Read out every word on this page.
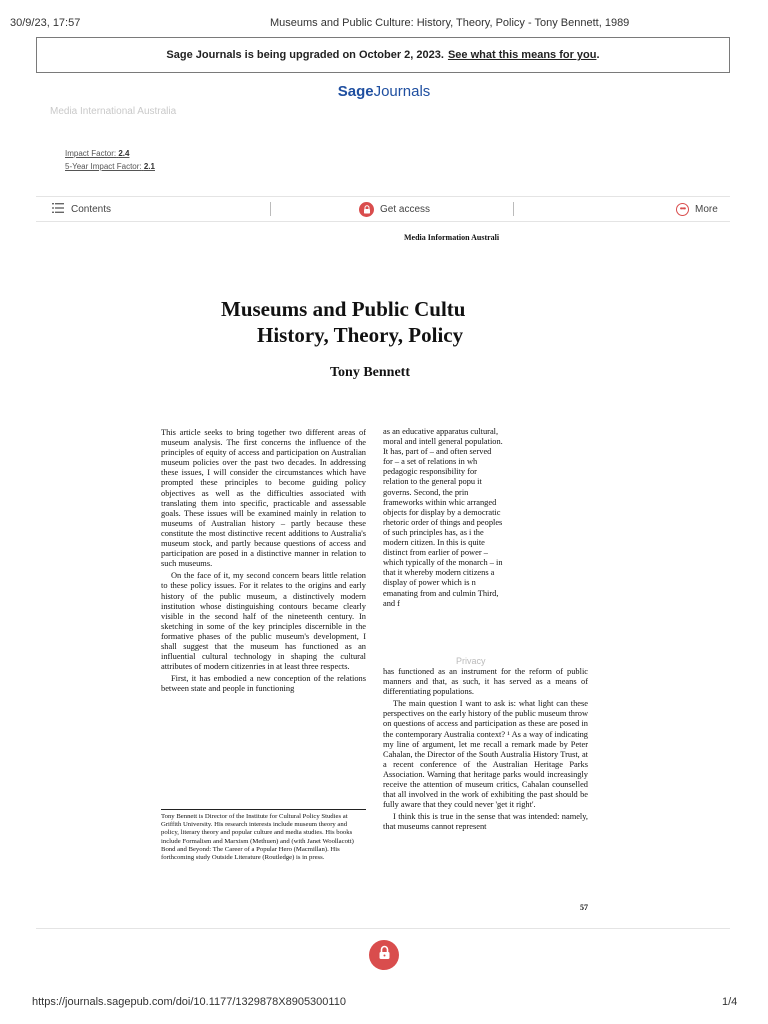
30/9/23, 17:57	Museums and Public Culture: History, Theory, Policy - Tony Bennett, 1989
Sage Journals is being upgraded on October 2, 2023. See what this means for you .
SageJournals
Media International Australia
Impact Factor: 2.4
5-Year Impact Factor: 2.1
Contents	Get access	••• More
Media Information Australi
Museums and Public Cultu
History, Theory, Policy
Tony Bennett

This article seeks to bring together two different areas of museum analysis. The first concerns the influence of the principles of equity of access and participation on Australian museum policies over the past two decades. In addressing these issues, I will consider the circumstances which have prompted these principles to become guiding policy objectives as well as the difficulties associated with translating them into specific, practicable and assessable goals. These issues will be examined mainly in relation to museums of Australian history – partly because these constitute the most distinctive recent additions to Australia's museum stock, and partly because questions of access and participation are posed in a distinctive manner in relation to such museums.

On the face of it, my second concern bears little relation to these policy issues. For it relates to the origins and early history of the public museum, a distinctively modern institution whose distinguishing contours became clearly visible in the second half of the nineteenth century. In sketching in some of the key principles discernible in the formative phases of the public museum's development, I shall suggest that the museum has functioned as an influential cultural technology in shaping the cultural attributes of modern citizenries in at least three respects.

First, it has embodied a new conception of the relations between state and people in functioning

Tony Bennett is Director of the Institute for Cultural Policy Studies at Griffith University. His research interests include museum theory and policy, literary theory and popular culture and media studies. His books include Formalism and Marxism (Methuen) and (with Janet Woollacott) Bond and Beyond: The Career of a Popular Hero (Macmillan). His forthcoming study Outside Literature (Routledge) is in press.

as an educative apparatus cultural, moral and intell general population. It has, part of – and often served for – a set of relations in wh pedagogic responsibility for relation to the general popu it governs. Second, the prin frameworks within whic arranged objects for display by a democratic rhetoric order of things and peoples of such principles has, as i the modern citizen. In this is quite distinct from earlier of power – which typically of the monarch – in that it whereby modern citizens a display of power which is n emanating from and culmin Third, and f

has functioned as an instrument for the reform of public manners and that, as such, it has served as a means of differentiating populations.

The main question I want to ask is: what light can these perspectives on the early history of the public museum throw on questions of access and participation as these are posed in the contemporary Australia context? ¹ As a way of indicating my line of argument, let me recall a remark made by Peter Cahalan, the Director of the South Australia History Trust, at a recent conference of the Australian Heritage Parks Association. Warning that heritage parks would increasingly receive the attention of museum critics, Cahalan counselled that all involved in the work of exhibiting the past should be fully aware that they could never 'get it right'.

I think this is true in the sense that was intended: namely, that museums cannot represent

Privacy
57
https://journals.sagepub.com/doi/10.1177/1329878X8905300110	1/4
